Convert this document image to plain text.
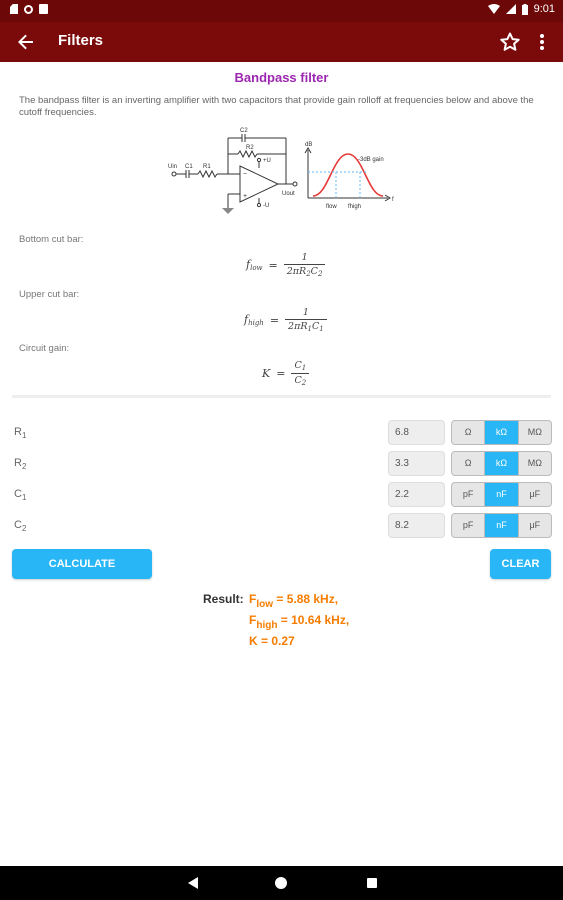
9:01
Filters
Bandpass filter
The bandpass filter is an inverting amplifier with two capacitors that provide gain rolloff at frequencies below and above the cutoff frequencies.
−
+
Uin C1 R1
C2
R2
Uout
+U
-U
dB
f
-3dB gain
flow fhigh
Bottom cut bar:
$f_{low} = \frac{1}{2\pi R_2C_2}$
Upper cut bar:
$f_{high} = \frac{1}{2\pi R_1C_1}$
Circuit gain:
$K = \frac{C_1}{C_2}$
$R_1$	6.8	Ω	kΩ	MΩ
$R_2$	3.3	Ω	kΩ	MΩ
$C_1$	2.2	pF	nF	μF
$C_2$	8.2	pF	nF	μF
CALCULATE	CLEAR
Result: $F_{low} = 5.88$ kHz,
$F_{high} = 10.64$ kHz,
K = 0.27
